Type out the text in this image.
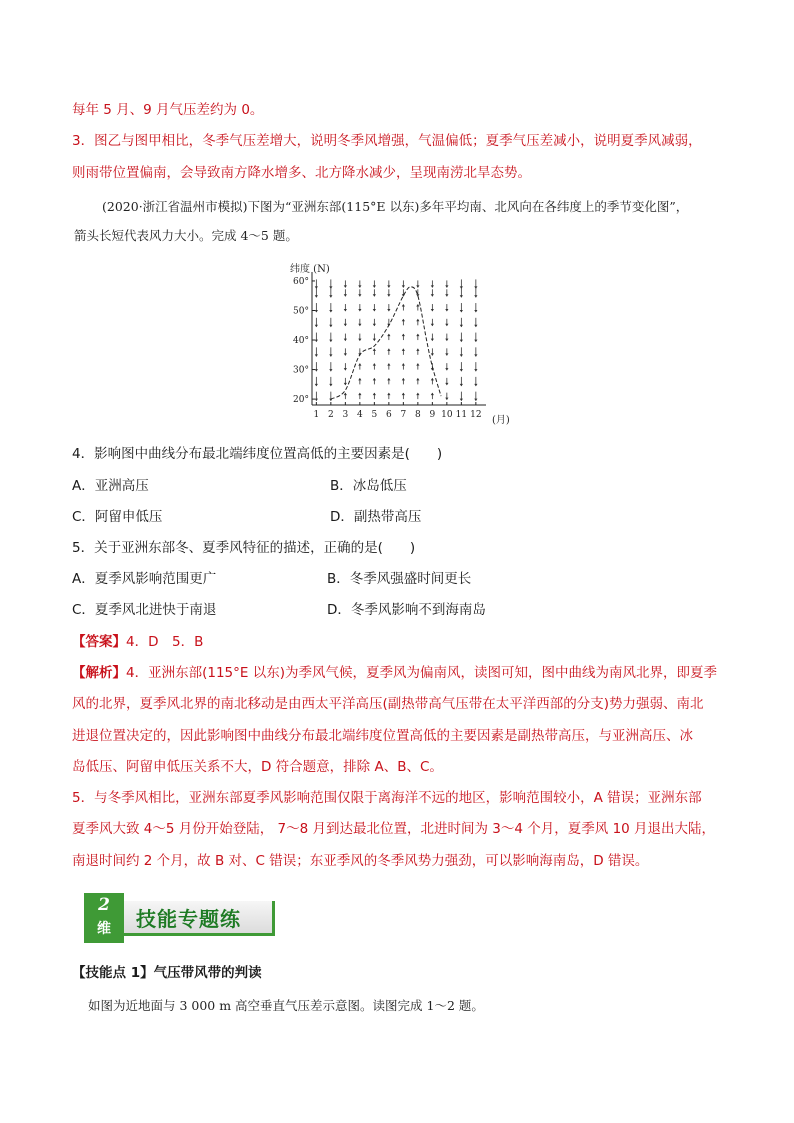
每年 5 月、9 月气压差约为 0。

3．图乙与图甲相比，冬季气压差增大，说明冬季风增强，气温偏低；夏季气压差减小，说明夏季风减弱，

则雨带位置偏南，会导致南方降水增多、北方降水减少，呈现南涝北旱态势。

(2020·浙江省温州市模拟)下图为“亚洲东部(115°E 以东)多年平均南、北风向在各纬度上的季节变化图”，

箭头长短代表风力大小。完成 4～5 题。

纬度 (N)
20°
30°
40°
50°
60°
1 2 3 4 5 6 7 8 9 10 11 12 (月)

4．影响图中曲线分布最北端纬度位置高低的主要因素是(　　)

A．亚洲高压	B．冰岛低压

C．阿留申低压	D．副热带高压

5．关于亚洲东部冬、夏季风特征的描述，正确的是(　　)

A．夏季风影响范围更广	B．冬季风强盛时间更长

C．夏季风北进快于南退	D．冬季风影响不到海南岛

【答案】4．D　5．B

【解析】4．亚洲东部(115°E 以东)为季风气候，夏季风为偏南风，读图可知，图中曲线为南风北界，即夏季

风的北界，夏季风北界的南北移动是由西太平洋高压(副热带高气压带在太平洋西部的分支)势力强弱、南北

进退位置决定的，因此影响图中曲线分布最北端纬度位置高低的主要因素是副热带高压，与亚洲高压、冰

岛低压、阿留申低压关系不大，D 符合题意，排除 A、B、C。

5．与冬季风相比，亚洲东部夏季风影响范围仅限于离海洋不远的地区，影响范围较小，A 错误；亚洲东部

夏季风大致 4～5 月份开始登陆， 7～8 月到达最北位置，北进时间为 3～4 个月，夏季风 10 月退出大陆，

南退时间约 2 个月，故 B 对、C 错误；东亚季风的冬季风势力强劲，可以影响海南岛，D 错误。

2
维	技能专题练

【技能点 1】气压带风带的判读

如图为近地面与 3 000 m 高空垂直气压差示意图。读图完成 1～2 题。
